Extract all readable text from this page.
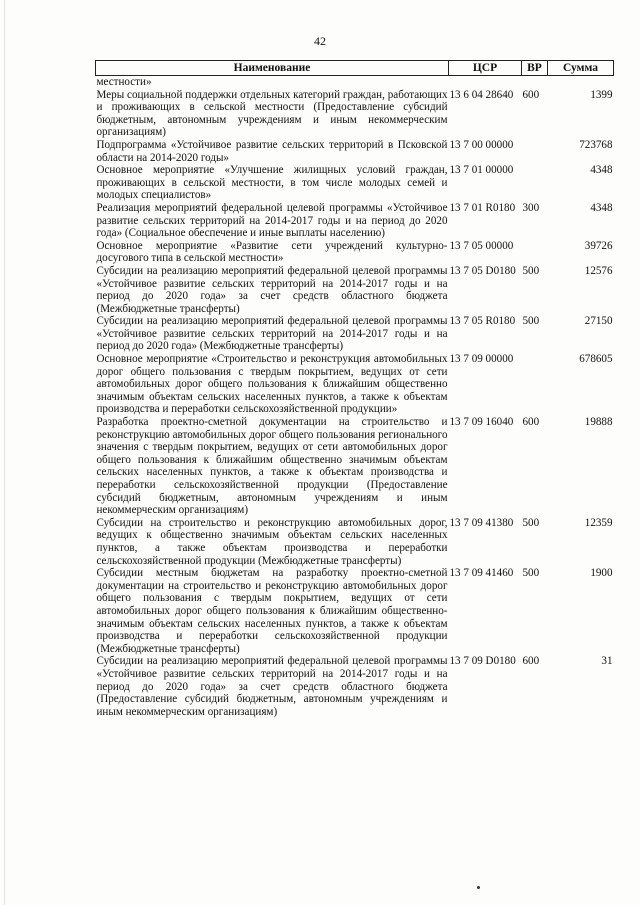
42
Наименование	ЦСР	ВР	Сумма
местности»			
Меры социальной поддержки отдельных категорий граждан, работающих и проживающих в сельской местности (Предоставление субсидий бюджетным, автономным учреждениям и иным некоммерческим организациям)	13 6 04 28640	600	1399
Подпрограмма «Устойчивое развитие сельских территорий в Псковской области на 2014-2020 годы»	13 7 00 00000		723768
Основное мероприятие «Улучшение жилищных условий граждан, проживающих в сельской местности, в том числе молодых семей и молодых специалистов»	13 7 01 00000		4348
Реализация мероприятий федеральной целевой программы «Устойчивое развитие сельских территорий на 2014-2017 годы и на период до 2020 года» (Социальное обеспечение и иные выплаты населению)	13 7 01 R0180	300	4348
Основное мероприятие «Развитие сети учреждений культурно-досугового типа в сельской местности»	13 7 05 00000		39726
Субсидии на реализацию мероприятий федеральной целевой программы «Устойчивое развитие сельских территорий на 2014-2017 годы и на период до 2020 года» за счет средств областного бюджета (Межбюджетные трансферты)	13 7 05 D0180	500	12576
Субсидии на реализацию мероприятий федеральной целевой программы «Устойчивое развитие сельских территорий на 2014-2017 годы и на период до 2020 года» (Межбюджетные трансферты)	13 7 05 R0180	500	27150
Основное мероприятие «Строительство и реконструкция автомобильных дорог общего пользования с твердым покрытием, ведущих от сети автомобильных дорог общего пользования к ближайшим общественно значимым объектам сельских населенных пунктов, а также к объектам производства и переработки сельскохозяйственной продукции»	13 7 09 00000		678605
Разработка проектно-сметной документации на строительство и реконструкцию автомобильных дорог общего пользования регионального значения с твердым покрытием, ведущих от сети автомобильных дорог общего пользования к ближайшим общественно значимым объектам сельских населенных пунктов, а также к объектам производства и переработки сельскохозяйственной продукции (Предоставление субсидий бюджетным, автономным учреждениям и иным некоммерческим организациям)	13 7 09 16040	600	19888
Субсидии на строительство и реконструкцию автомобильных дорог, ведущих к общественно значимым объектам сельских населенных пунктов, а также объектам производства и переработки сельскохозяйственной продукции (Межбюджетные трансферты)	13 7 09 41380	500	12359
Субсидии местным бюджетам на разработку проектно-сметной документации на строительство и реконструкцию автомобильных дорог общего пользования с твердым покрытием, ведущих от сети автомобильных дорог общего пользования к ближайшим общественно-значимым объектам сельских населенных пунктов, а также к объектам производства и переработки сельскохозяйственной продукции (Межбюджетные трансферты)	13 7 09 41460	500	1900
Субсидии на реализацию мероприятий федеральной целевой программы «Устойчивое развитие сельских территорий на 2014-2017 годы и на период до 2020 года» за счет средств областного бюджета (Предоставление субсидий бюджетным, автономным учреждениям и иным некоммерческим организациям)	13 7 09 D0180	600	31
